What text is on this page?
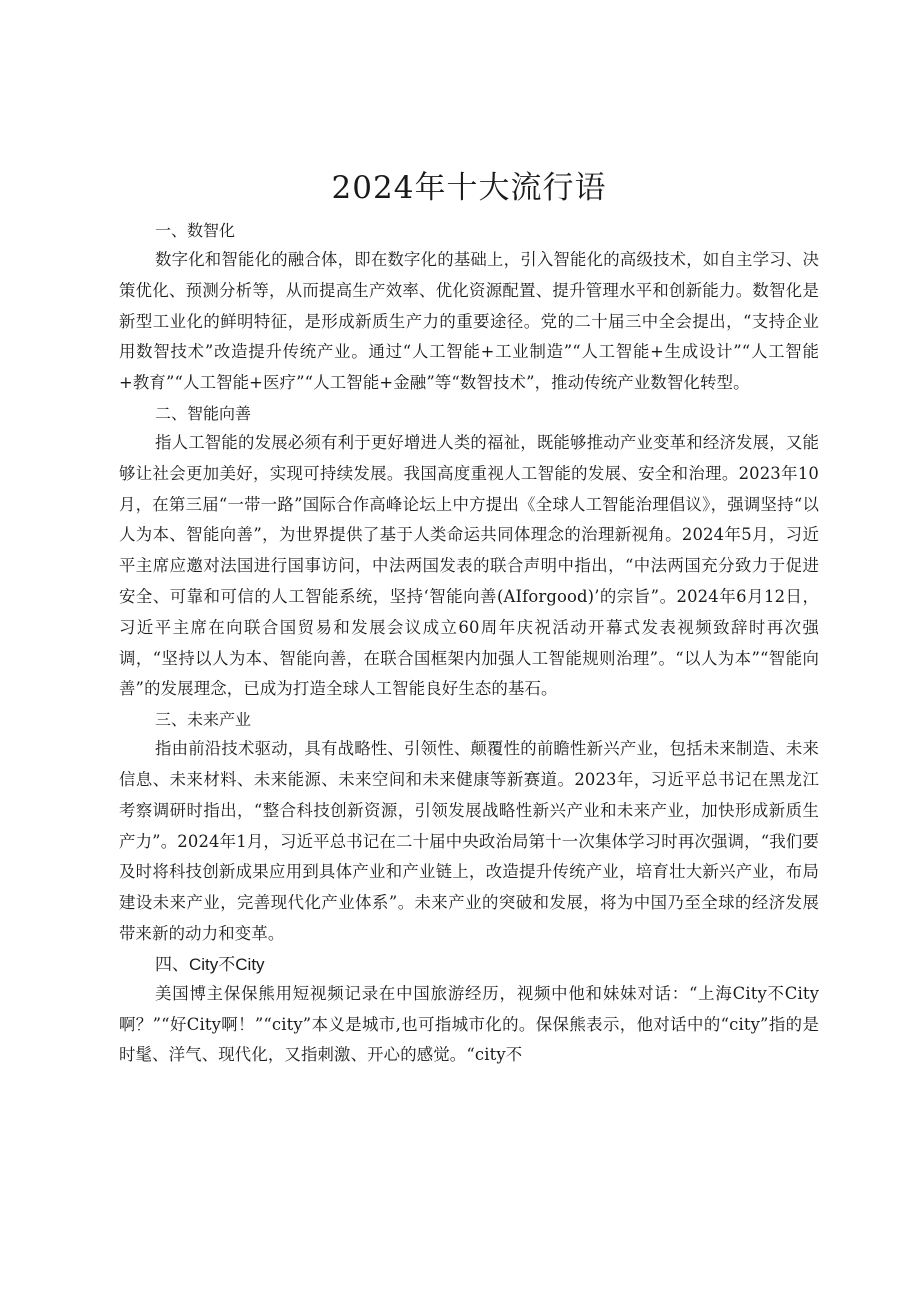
2024年十大流行语

一、数智化

数字化和智能化的融合体，即在数字化的基础上，引入智能化的高级技术，如自主学习、决策优化、预测分析等，从而提高生产效率、优化资源配置、提升管理水平和创新能力。数智化是新型工业化的鲜明特征，是形成新质生产力的重要途径。党的二十届三中全会提出，“支持企业用数智技术”改造提升传统产业。通过“人工智能+工业制造”“人工智能+生成设计”“人工智能+教育”“人工智能+医疗”“人工智能+金融”等“数智技术”，推动传统产业数智化转型。

二、智能向善

指人工智能的发展必须有利于更好增进人类的福祉，既能够推动产业变革和经济发展，又能够让社会更加美好，实现可持续发展。我国高度重视人工智能的发展、安全和治理。2023年10月，在第三届“一带一路”国际合作高峰论坛上中方提出《全球人工智能治理倡议》，强调坚持“以人为本、智能向善”，为世界提供了基于人类命运共同体理念的治理新视角。2024年5月，习近平主席应邀对法国进行国事访问，中法两国发表的联合声明中指出，“中法两国充分致力于促进安全、可靠和可信的人工智能系统，坚持‘智能向善(AIforgood)’的宗旨”。2024年6月12日，习近平主席在向联合国贸易和发展会议成立60周年庆祝活动开幕式发表视频致辞时再次强调，“坚持以人为本、智能向善，在联合国框架内加强人工智能规则治理”。“以人为本”“智能向善”的发展理念，已成为打造全球人工智能良好生态的基石。

三、未来产业

指由前沿技术驱动，具有战略性、引领性、颠覆性的前瞻性新兴产业，包括未来制造、未来信息、未来材料、未来能源、未来空间和未来健康等新赛道。2023年，习近平总书记在黑龙江考察调研时指出，“整合科技创新资源，引领发展战略性新兴产业和未来产业，加快形成新质生产力”。2024年1月，习近平总书记在二十届中央政治局第十一次集体学习时再次强调，“我们要及时将科技创新成果应用到具体产业和产业链上，改造提升传统产业，培育壮大新兴产业，布局建设未来产业，完善现代化产业体系”。未来产业的突破和发展，将为中国乃至全球的经济发展带来新的动力和变革。

四、City不City

美国博主保保熊用短视频记录在中国旅游经历，视频中他和妹妹对话：“上海City不City啊？”“好City啊！”“city”本义是城市,也可指城市化的。保保熊表示，他对话中的“city”指的是时髦、洋气、现代化，又指刺激、开心的感觉。“city不
